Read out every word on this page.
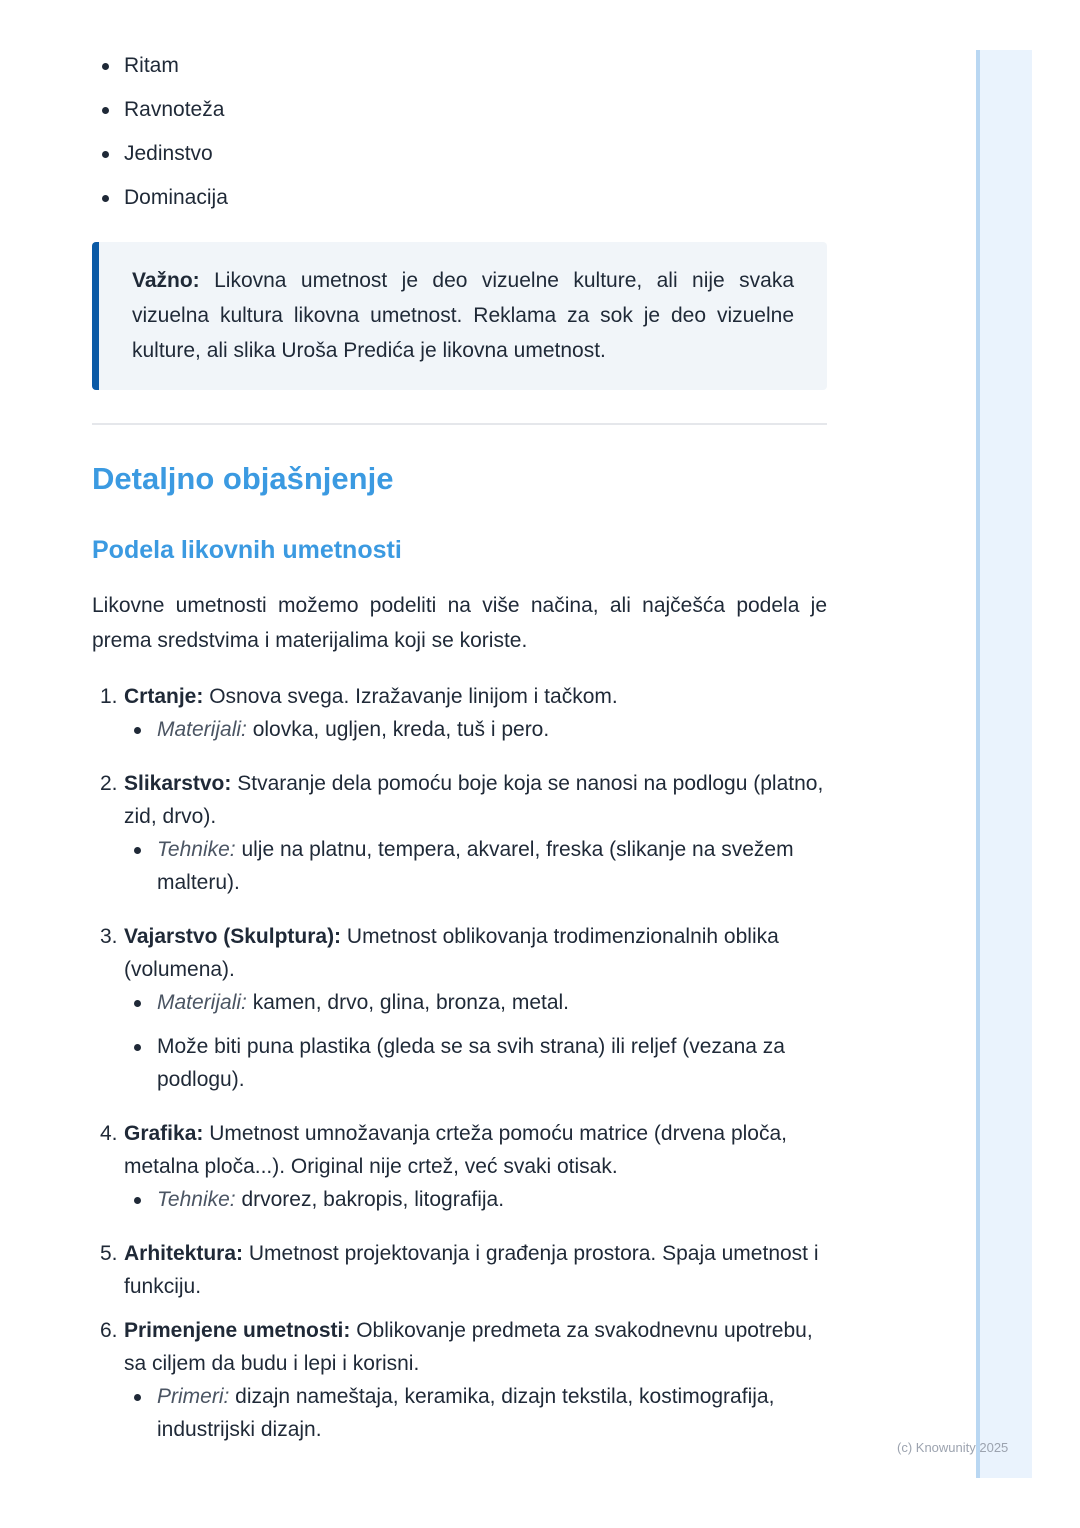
Ritam
Ravnoteža
Jedinstvo
Dominacija
Važno: Likovna umetnost je deo vizuelne kulture, ali nije svaka vizuelna kultura likovna umetnost. Reklama za sok je deo vizuelne kulture, ali slika Uroša Predića je likovna umetnost.
Detaljno objašnjenje
Podela likovnih umetnosti

Likovne umetnosti možemo podeliti na više načina, ali najčešća podela je prema sredstvima i materijalima koji se koriste.

1. Crtanje: Osnova svega. Izražavanje linijom i tačkom.
Materijali: olovka, ugljen, kreda, tuš i pero.
2. Slikarstvo: Stvaranje dela pomoću boje koja se nanosi na podlogu (platno, zid, drvo).
Tehnike: ulje na platnu, tempera, akvarel, freska (slikanje na svežem malteru).
3. Vajarstvo (Skulptura): Umetnost oblikovanja trodimenzionalnih oblika (volumena).
Materijali: kamen, drvo, glina, bronza, metal.
Može biti puna plastika (gleda se sa svih strana) ili reljef (vezana za podlogu).
4. Grafika: Umetnost umnožavanja crteža pomoću matrice (drvena ploča, metalna ploča...). Original nije crtež, već svaki otisak.
Tehnike: drvorez, bakropis, litografija.
5. Arhitektura: Umetnost projektovanja i građenja prostora. Spaja umetnost i funkciju.
6. Primenjene umetnosti: Oblikovanje predmeta za svakodnevnu upotrebu, sa ciljem da budu i lepi i korisni.
Primeri: dizajn nameštaja, keramika, dizajn tekstila, kostimografija, industrijski dizajn.
(c) Knowunity 2025
